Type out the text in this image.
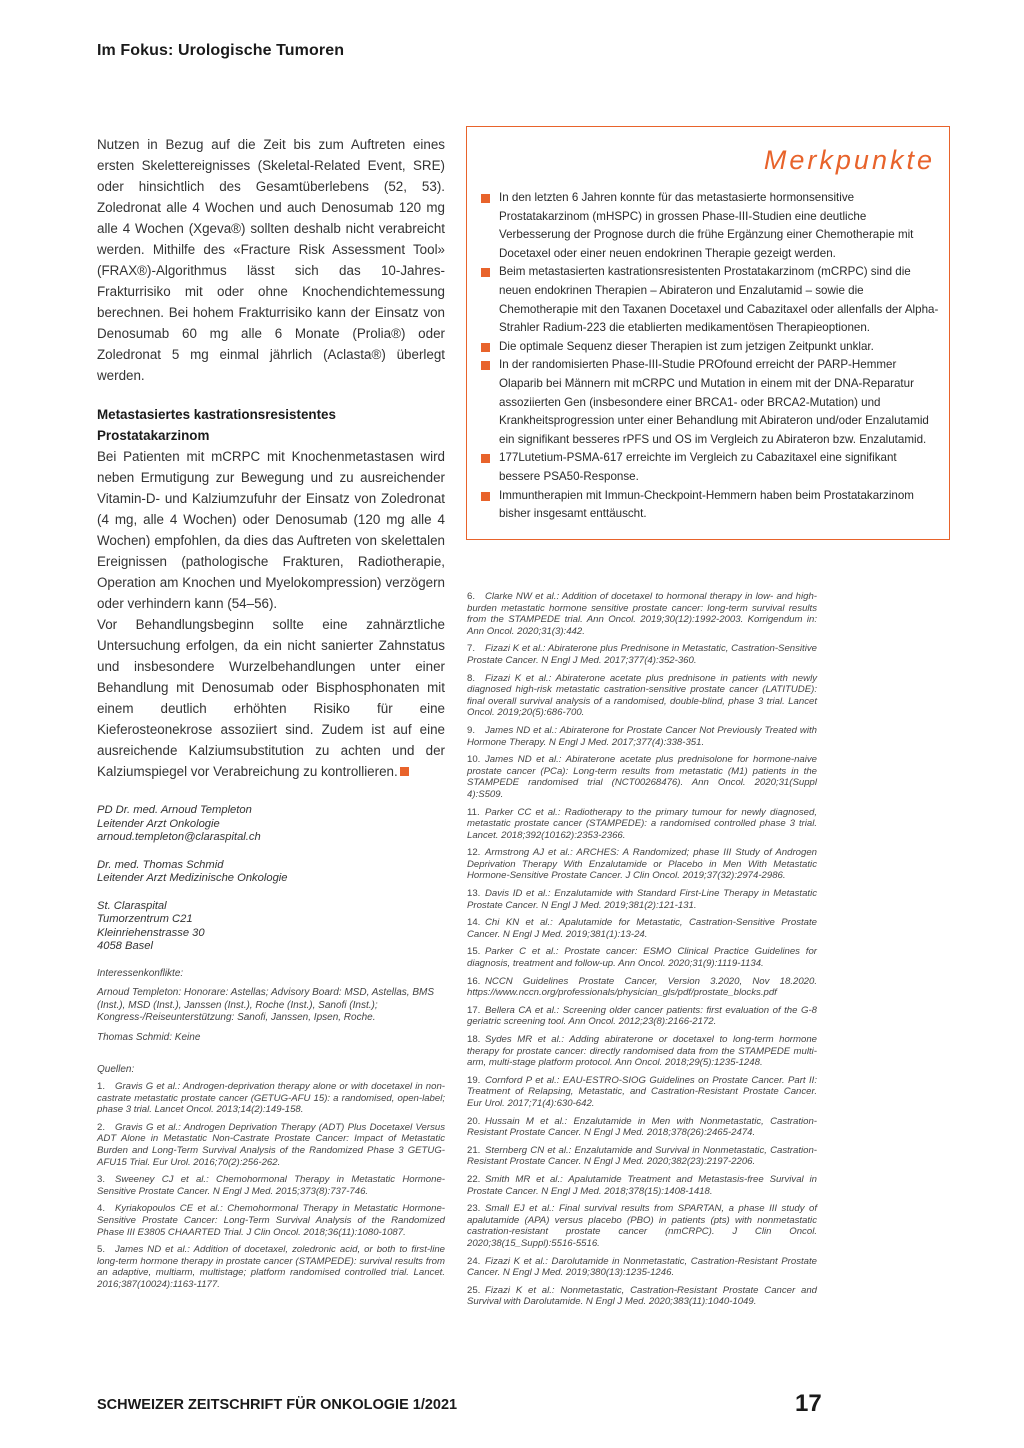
Im Fokus: Urologische Tumoren

Nutzen in Bezug auf die Zeit bis zum Auftreten eines ersten Skelettereignisses (Skeletal-Related Event, SRE) oder hinsichtlich des Gesamtüberlebens (52, 53). Zoledronat alle 4 Wochen und auch Denosumab 120 mg alle 4 Wochen (Xgeva®) sollten deshalb nicht verabreicht werden. Mithilfe des «Fracture Risk Assessment Tool» (FRAX®)-Algorithmus lässt sich das 10-Jahres-Frakturrisiko mit oder ohne Knochendichtemessung berechnen. Bei hohem Frakturrisiko kann der Einsatz von Denosumab 60 mg alle 6 Monate (Prolia®) oder Zoledronat 5 mg einmal jährlich (Aclasta®) überlegt werden.

Metastasiertes kastrationsresistentes Prostatakarzinom

Bei Patienten mit mCRPC mit Knochenmetastasen wird neben Ermutigung zur Bewegung und zu ausreichender Vitamin-D- und Kalziumzufuhr der Einsatz von Zoledronat (4 mg, alle 4 Wochen) oder Denosumab (120 mg alle 4 Wochen) empfohlen, da dies das Auftreten von skelettalen Ereignissen (pathologische Frakturen, Radiotherapie, Operation am Knochen und Myelokompression) verzögern oder verhindern kann (54–56).

Vor Behandlungsbeginn sollte eine zahnärztliche Untersuchung erfolgen, da ein nicht sanierter Zahnstatus und insbesondere Wurzelbehandlungen unter einer Behandlung mit Denosumab oder Bisphosphonaten mit einem deutlich erhöhten Risiko für eine Kieferosteonekrose assoziiert sind. Zudem ist auf eine ausreichende Kalziumsubstitution zu achten und der Kalziumspiegel vor Verabreichung zu kontrollieren.

PD Dr. med. Arnoud Templeton
Leitender Arzt Onkologie
arnoud.templeton@claraspital.ch
Dr. med. Thomas Schmid
Leitender Arzt Medizinische Onkologie
St. Claraspital
Tumorzentrum C21
Kleinriehenstrasse 30
4058 Basel

Interessenkonflikte:

Arnoud Templeton: Honorare: Astellas; Advisory Board: MSD, Astellas, BMS (Inst.), MSD (Inst.), Janssen (Inst.), Roche (Inst.), Sanofi (Inst.); Kongress-/Reiseunterstützung: Sanofi, Janssen, Ipsen, Roche.

Thomas Schmid: Keine

Quellen:

1. Gravis G et al.: Androgen-deprivation therapy alone or with docetaxel in non-castrate metastatic prostate cancer (GETUG-AFU 15): a randomised, open-label; phase 3 trial. Lancet Oncol. 2013;14(2):149-158.

2. Gravis G et al.: Androgen Deprivation Therapy (ADT) Plus Docetaxel Versus ADT Alone in Metastatic Non-Castrate Prostate Cancer: Impact of Metastatic Burden and Long-Term Survival Analysis of the Randomized Phase 3 GETUG-AFU15 Trial. Eur Urol. 2016;70(2):256-262.

3. Sweeney CJ et al.: Chemohormonal Therapy in Metastatic Hormone-Sensitive Prostate Cancer. N Engl J Med. 2015;373(8):737-746.

4. Kyriakopoulos CE et al.: Chemohormonal Therapy in Metastatic Hormone-Sensitive Prostate Cancer: Long-Term Survival Analysis of the Randomized Phase III E3805 CHAARTED Trial. J Clin Oncol. 2018;36(11):1080-1087.

5. James ND et al.: Addition of docetaxel, zoledronic acid, or both to first-line long-term hormone therapy in prostate cancer (STAMPEDE): survival results from an adaptive, multiarm, multistage; platform randomised controlled trial. Lancet. 2016;387(10024):1163-1177.

Merkpunkte
In den letzten 6 Jahren konnte für das metastasierte hormonsensitive Prostatakarzinom (mHSPC) in grossen Phase-III-Studien eine deutliche Verbesserung der Prognose durch die frühe Ergänzung einer Chemotherapie mit Docetaxel oder einer neuen endokrinen Therapie gezeigt werden.
Beim metastasierten kastrationsresistenten Prostatakarzinom (mCRPC) sind die neuen endokrinen Therapien – Abirateron und Enzalutamid – sowie die Chemotherapie mit den Taxanen Docetaxel und Cabazitaxel oder allenfalls der Alpha-Strahler Radium-223 die etablierten medikamentösen Therapieoptionen.
Die optimale Sequenz dieser Therapien ist zum jetzigen Zeitpunkt unklar.
In der randomisierten Phase-III-Studie PROfound erreicht der PARP-Hemmer Olaparib bei Männern mit mCRPC und Mutation in einem mit der DNA-Reparatur assoziierten Gen (insbesondere einer BRCA1- oder BRCA2-Mutation) und Krankheitsprogression unter einer Behandlung mit Abirateron und/oder Enzalutamid ein signifikant besseres rPFS und OS im Vergleich zu Abirateron bzw. Enzalutamid.
177Lutetium-PSMA-617 erreichte im Vergleich zu Cabazitaxel eine signifikant bessere PSA50-Response.
Immuntherapien mit Immun-Checkpoint-Hemmern haben beim Prostatakarzinom bisher insgesamt enttäuscht.

6. Clarke NW et al.: Addition of docetaxel to hormonal therapy in low- and high-burden metastatic hormone sensitive prostate cancer: long-term survival results from the STAMPEDE trial. Ann Oncol. 2019;30(12):1992-2003. Korrigendum in: Ann Oncol. 2020;31(3):442.

7. Fizazi K et al.: Abiraterone plus Prednisone in Metastatic, Castration-Sensitive Prostate Cancer. N Engl J Med. 2017;377(4):352-360.

8. Fizazi K et al.: Abiraterone acetate plus prednisone in patients with newly diagnosed high-risk metastatic castration-sensitive prostate cancer (LATITUDE): final overall survival analysis of a randomised, double-blind, phase 3 trial. Lancet Oncol. 2019;20(5):686-700.

9. James ND et al.: Abiraterone for Prostate Cancer Not Previously Treated with Hormone Therapy. N Engl J Med. 2017;377(4):338-351.

10. James ND et al.: Abiraterone acetate plus prednisolone for hormone-naive prostate cancer (PCa): Long-term results from metastatic (M1) patients in the STAMPEDE randomised trial (NCT00268476). Ann Oncol. 2020;31(Suppl 4):S509.

11. Parker CC et al.: Radiotherapy to the primary tumour for newly diagnosed, metastatic prostate cancer (STAMPEDE): a randomised controlled phase 3 trial. Lancet. 2018;392(10162):2353-2366.

12. Armstrong AJ et al.: ARCHES: A Randomized; phase III Study of Androgen Deprivation Therapy With Enzalutamide or Placebo in Men With Metastatic Hormone-Sensitive Prostate Cancer. J Clin Oncol. 2019;37(32):2974-2986.

13. Davis ID et al.: Enzalutamide with Standard First-Line Therapy in Metastatic Prostate Cancer. N Engl J Med. 2019;381(2):121-131.

14. Chi KN et al.: Apalutamide for Metastatic, Castration-Sensitive Prostate Cancer. N Engl J Med. 2019;381(1):13-24.

15. Parker C et al.: Prostate cancer: ESMO Clinical Practice Guidelines for diagnosis, treatment and follow-up. Ann Oncol. 2020;31(9):1119-1134.

16. NCCN Guidelines Prostate Cancer, Version 3.2020, Nov 18.2020. https://www.nccn.org/professionals/physician_gls/pdf/prostate_blocks.pdf

17. Bellera CA et al.: Screening older cancer patients: first evaluation of the G-8 geriatric screening tool. Ann Oncol. 2012;23(8):2166-2172.

18. Sydes MR et al.: Adding abiraterone or docetaxel to long-term hormone therapy for prostate cancer: directly randomised data from the STAMPEDE multi-arm, multi-stage platform protocol. Ann Oncol. 2018;29(5):1235-1248.

19. Cornford P et al.: EAU-ESTRO-SIOG Guidelines on Prostate Cancer. Part II: Treatment of Relapsing, Metastatic, and Castration-Resistant Prostate Cancer. Eur Urol. 2017;71(4):630-642.

20. Hussain M et al.: Enzalutamide in Men with Nonmetastatic, Castration-Resistant Prostate Cancer. N Engl J Med. 2018;378(26):2465-2474.

21. Sternberg CN et al.: Enzalutamide and Survival in Nonmetastatic, Castration-Resistant Prostate Cancer. N Engl J Med. 2020;382(23):2197-2206.

22. Smith MR et al.: Apalutamide Treatment and Metastasis-free Survival in Prostate Cancer. N Engl J Med. 2018;378(15):1408-1418.

23. Small EJ et al.: Final survival results from SPARTAN, a phase III study of apalutamide (APA) versus placebo (PBO) in patients (pts) with nonmetastatic castration-resistant prostate cancer (nmCRPC). J Clin Oncol. 2020;38(15_Suppl):5516-5516.

24. Fizazi K et al.: Darolutamide in Nonmetastatic, Castration-Resistant Prostate Cancer. N Engl J Med. 2019;380(13):1235-1246.

25. Fizazi K et al.: Nonmetastatic, Castration-Resistant Prostate Cancer and Survival with Darolutamide. N Engl J Med. 2020;383(11):1040-1049.

SCHWEIZER ZEITSCHRIFT FÜR ONKOLOGIE 1/2021	17
